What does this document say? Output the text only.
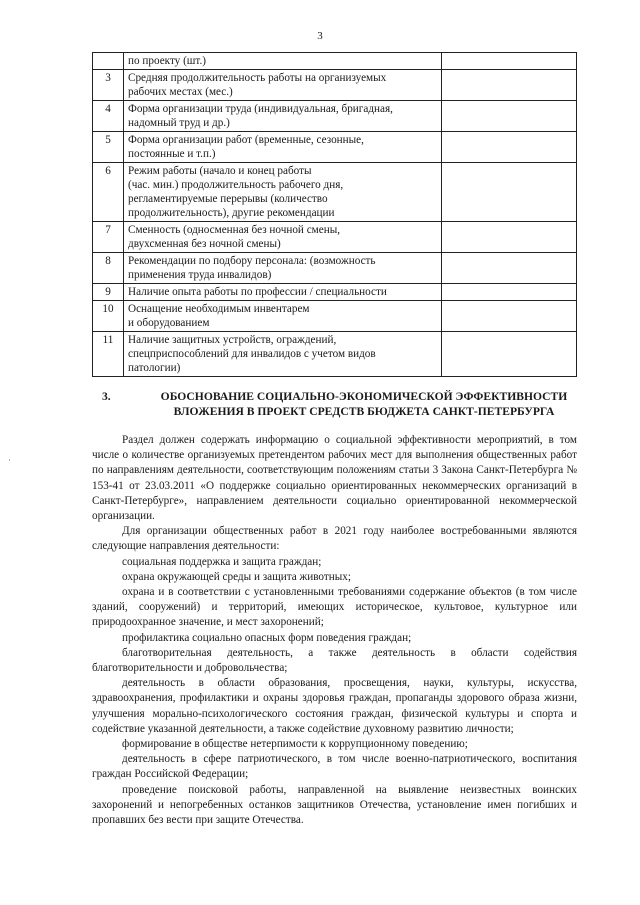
3

	по проекту (шт.)	

3	Средняя продолжительность работы на организуемых
рабочих местах (мес.)	

4	Форма организации труда (индивидуальная, бригадная,
надомный труд и др.)	

5	Форма организации работ (временные, сезонные,
постоянные и т.п.)	

6	Режим работы (начало и конец работы
(час. мин.) продолжительность рабочего дня,
регламентируемые перерывы (количество
продолжительность), другие рекомендации	

7	Сменность (односменная без ночной смены,
двухсменная без ночной смены)	

8	Рекомендации по подбору персонала: (возможность
применения труда инвалидов)	

9	Наличие опыта работы по профессии / специальности	

10	Оснащение необходимым инвентарем
и оборудованием	

11	Наличие защитных устройств, ограждений,
спецприспособлений для инвалидов с учетом видов
патологии)	

3.	ОБОСНОВАНИЕ СОЦИАЛЬНО-ЭКОНОМИЧЕСКОЙ ЭФФЕКТИВНОСТИ
ВЛОЖЕНИЯ В ПРОЕКТ СРЕДСТВ БЮДЖЕТА САНКТ-ПЕТЕРБУРГА
·

Раздел должен содержать информацию о социальной эффективности мероприятий, в том числе о количестве организуемых претендентом рабочих мест для выполнения общественных работ по направлениям деятельности, соответствующим положениям статьи 3 Закона Санкт-Петербурга № 153-41 от 23.03.2011 «О поддержке социально ориентированных некоммерческих организаций в Санкт-Петербурге», направлением деятельности социально ориентированной некоммерческой организации.

Для организации общественных работ в 2021 году наиболее востребованными являются следующие направления деятельности:

социальная поддержка и защита граждан;

охрана окружающей среды и защита животных;

охрана и в соответствии с установленными требованиями содержание объектов (в том числе зданий, сооружений) и территорий, имеющих историческое, культовое, культурное или природоохранное значение, и мест захоронений;

профилактика социально опасных форм поведения граждан;

благотворительная деятельность, а также деятельность в области содействия благотворительности и добровольчества;

деятельность в области образования, просвещения, науки, культуры, искусства, здравоохранения, профилактики и охраны здоровья граждан, пропаганды здорового образа жизни, улучшения морально-психологического состояния граждан, физической культуры и спорта и содействие указанной деятельности, а также содействие духовному развитию личности;

формирование в обществе нетерпимости к коррупционному поведению;

деятельность в сфере патриотического, в том числе военно-патриотического, воспитания граждан Российской Федерации;

проведение поисковой работы, направленной на выявление неизвестных воинских захоронений и непогребенных останков защитников Отечества, установление имен погибших и пропавших без вести при защите Отечества.
